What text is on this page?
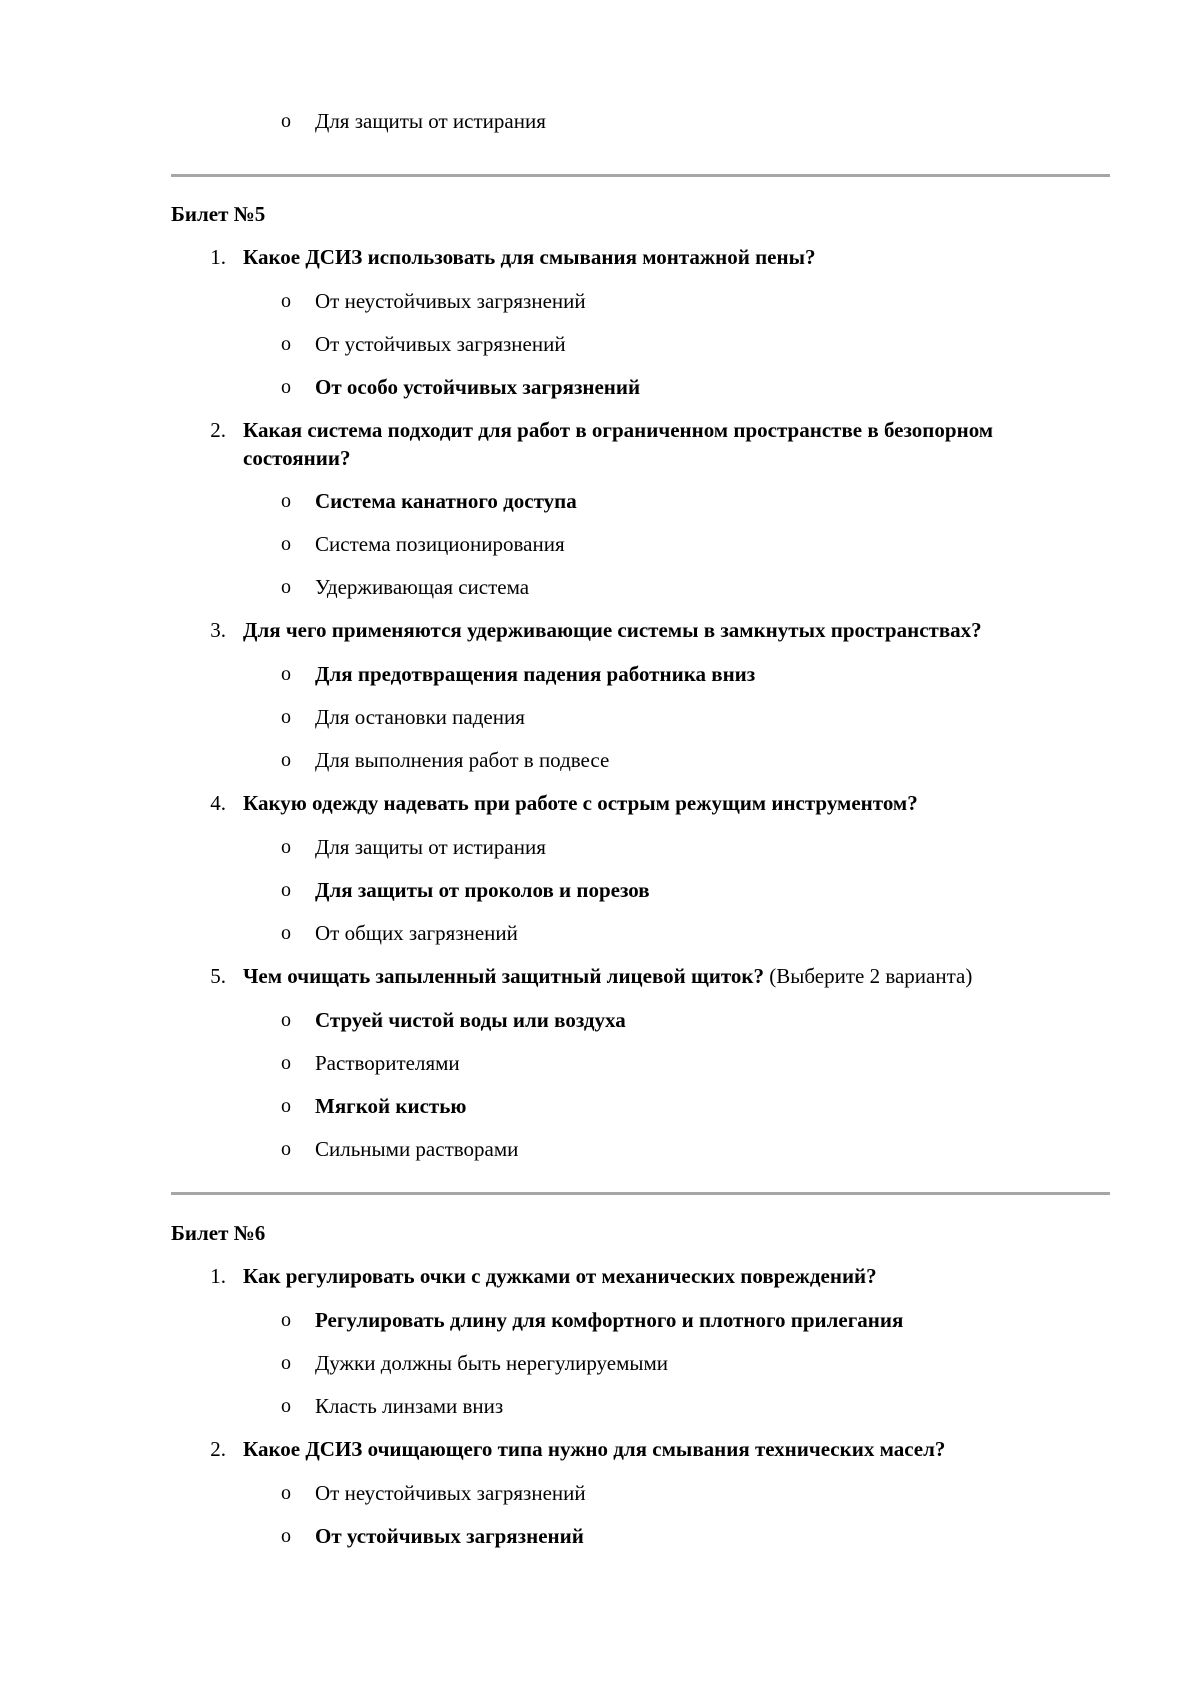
o Для защиты от истирания
Билет №5
1. Какое ДСИЗ использовать для смывания монтажной пены?
o От неустойчивых загрязнений
o От устойчивых загрязнений
o От особо устойчивых загрязнений
2. Какая система подходит для работ в ограниченном пространстве в безопорном состоянии?
o Система канатного доступа
o Система позиционирования
o Удерживающая система
3. Для чего применяются удерживающие системы в замкнутых пространствах?
o Для предотвращения падения работника вниз
o Для остановки падения
o Для выполнения работ в подвесе
4. Какую одежду надевать при работе с острым режущим инструментом?
o Для защиты от истирания
o Для защиты от проколов и порезов
o От общих загрязнений
5. Чем очищать запыленный защитный лицевой щиток? (Выберите 2 варианта)
o Струей чистой воды или воздуха
o Растворителями
o Мягкой кистью
o Сильными растворами
Билет №6
1. Как регулировать очки с дужками от механических повреждений?
o Регулировать длину для комфортного и плотного прилегания
o Дужки должны быть нерегулируемыми
o Класть линзами вниз
2. Какое ДСИЗ очищающего типа нужно для смывания технических масел?
o От неустойчивых загрязнений
o От устойчивых загрязнений
